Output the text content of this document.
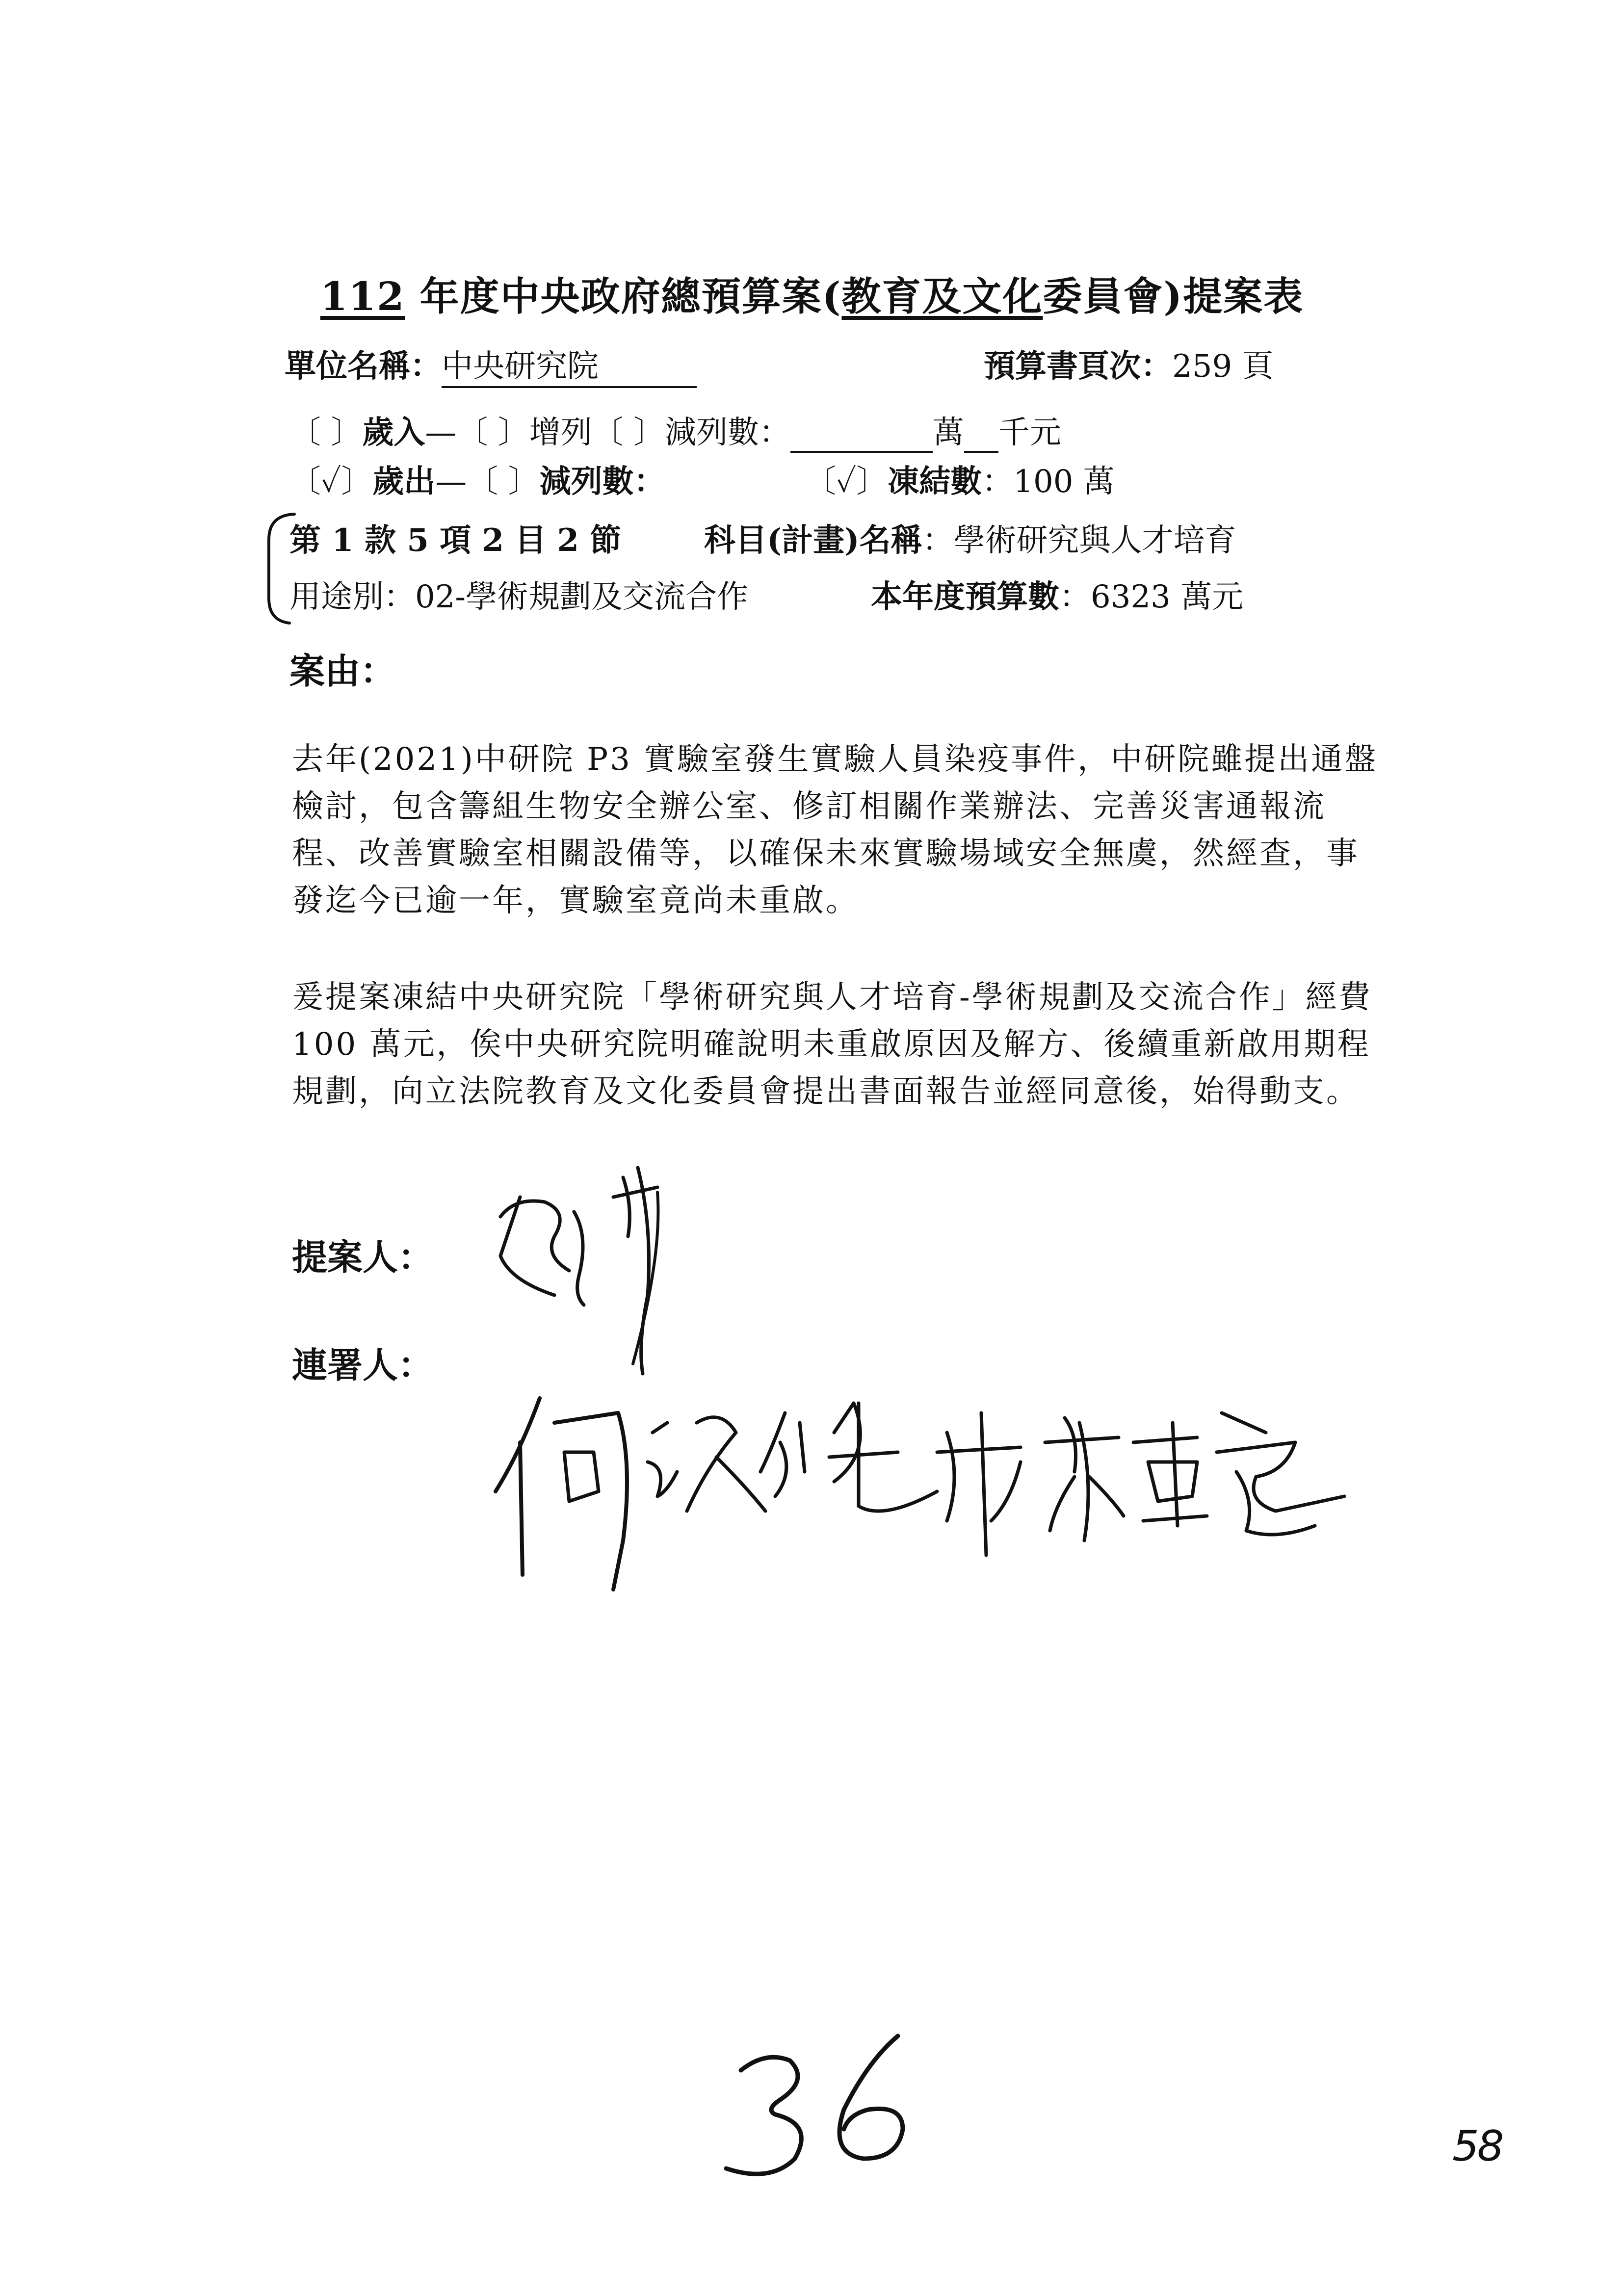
112 年度中央政府總預算案(教育及文化委員會)提案表
單位名稱：中央研究院	預算書頁次：259 頁
〔 〕歲入—〔 〕增列〔 〕減列數：	萬 千元
〔✓〕歲出—〔 〕減列數：	〔✓〕凍結數：100 萬
第 1 款 5 項 2 目 2 節	科目(計畫)名稱：學術研究與人才培育
用途別：02-學術規劃及交流合作	本年度預算數：6323 萬元
案由：
去年(2021)中研院 P3 實驗室發生實驗人員染疫事件，中研院雖提出通盤檢討，包含籌組生物安全辦公室、修訂相關作業辦法、完善災害通報流程、改善實驗室相關設備等，以確保未來實驗場域安全無虞，然經查，事發迄今已逾一年，實驗室竟尚未重啟。
爰提案凍結中央研究院「學術研究與人才培育-學術規劃及交流合作」經費 100 萬元，俟中央研究院明確說明未重啟原因及解方、後續重新啟用期程規劃，向立法院教育及文化委員會提出書面報告並經同意後，始得動支。
提案人：
連署人：
58
